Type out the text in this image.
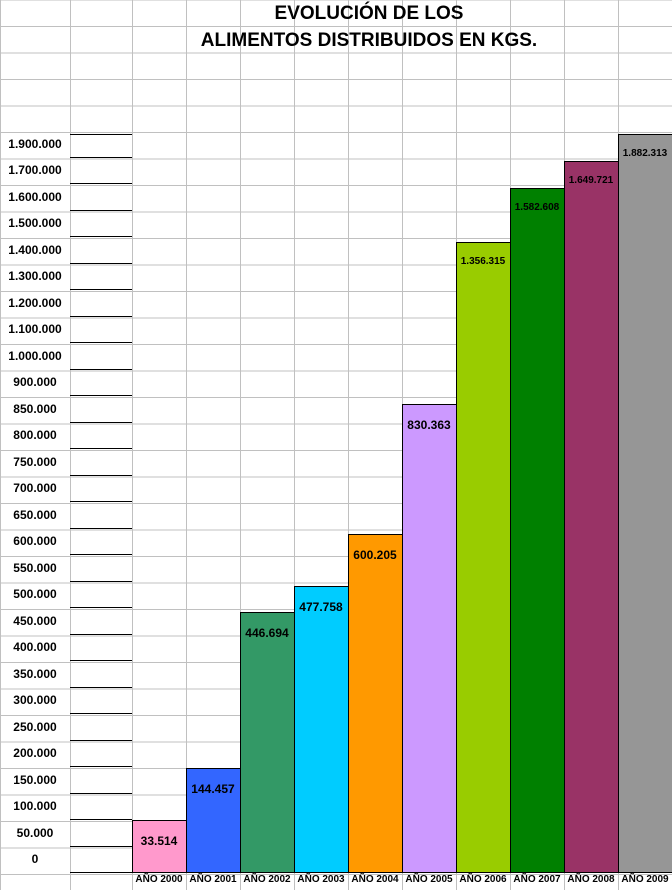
EVOLUCIÓN DE LOS
ALIMENTOS DISTRIBUIDOS EN KGS.
0
50.000
100.000
150.000
200.000
250.000
300.000
350.000
400.000
450.000
500.000
550.000
600.000
650.000
700.000
750.000
800.000
850.000
900.000
1.000.000
1.100.000
1.200.000
1.300.000
1.400.000
1.500.000
1.600.000
1.700.000
1.900.000
33.514
144.457
446.694
477.758
600.205
830.363
1.356.315
1.582.608
1.649.721
1.882.313
AÑO 2000 AÑO 2001 AÑO 2002 AÑO 2003 AÑO 2004 AÑO 2005 AÑO 2006 AÑO 2007 AÑO 2008 AÑO 2009
